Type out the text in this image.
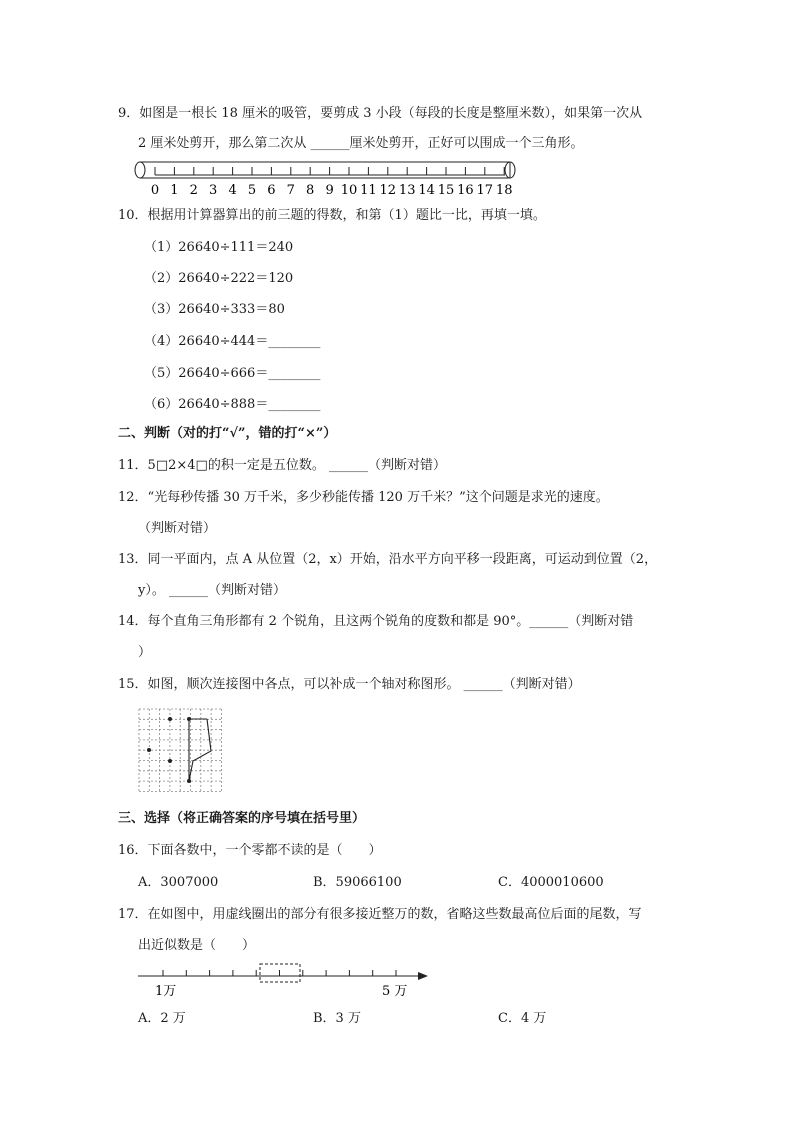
9．如图是一根长 18 厘米的吸管，要剪成 3 小段（每段的长度是整厘米数），如果第一次从
2 厘米处剪开，那么第二次从 ______厘米处剪开，正好可以围成一个三角形。
0 1 2 3 4 5 6 7 8 9 10 11 12 13 14 15 16 17 18
10．根据用计算器算出的前三题的得数，和第（1）题比一比，再填一填。
（1）26640÷111＝240
（2）26640÷222＝120
（3）26640÷333＝80
（4）26640÷444＝________
（5）26640÷666＝________
（6）26640÷888＝________
二、判断（对的打“√”，错的打“×”）
11．5□2×4□的积一定是五位数。 ______（判断对错）
12．“光每秒传播 30 万千米，多少秒能传播 120 万千米？”这个问题是求光的速度。
（判断对错）
13．同一平面内，点 A 从位置（2，x）开始，沿水平方向平移一段距离，可运动到位置（2，
y）。 ______（判断对错）
14．每个直角三角形都有 2 个锐角，且这两个锐角的度数和都是 90°。______（判断对错
）
15．如图，顺次连接图中各点，可以补成一个轴对称图形。 ______（判断对错）
三、选择（将正确答案的序号填在括号里）
16．下面各数中，一个零都不读的是（　　）
A．3007000	B．59066100	C．4000010600
17．在如图中，用虚线圈出的部分有很多接近整万的数，省略这些数最高位后面的尾数，写
出近似数是（　　）
1万	5 万
A．2 万	B．3 万	C．4 万
